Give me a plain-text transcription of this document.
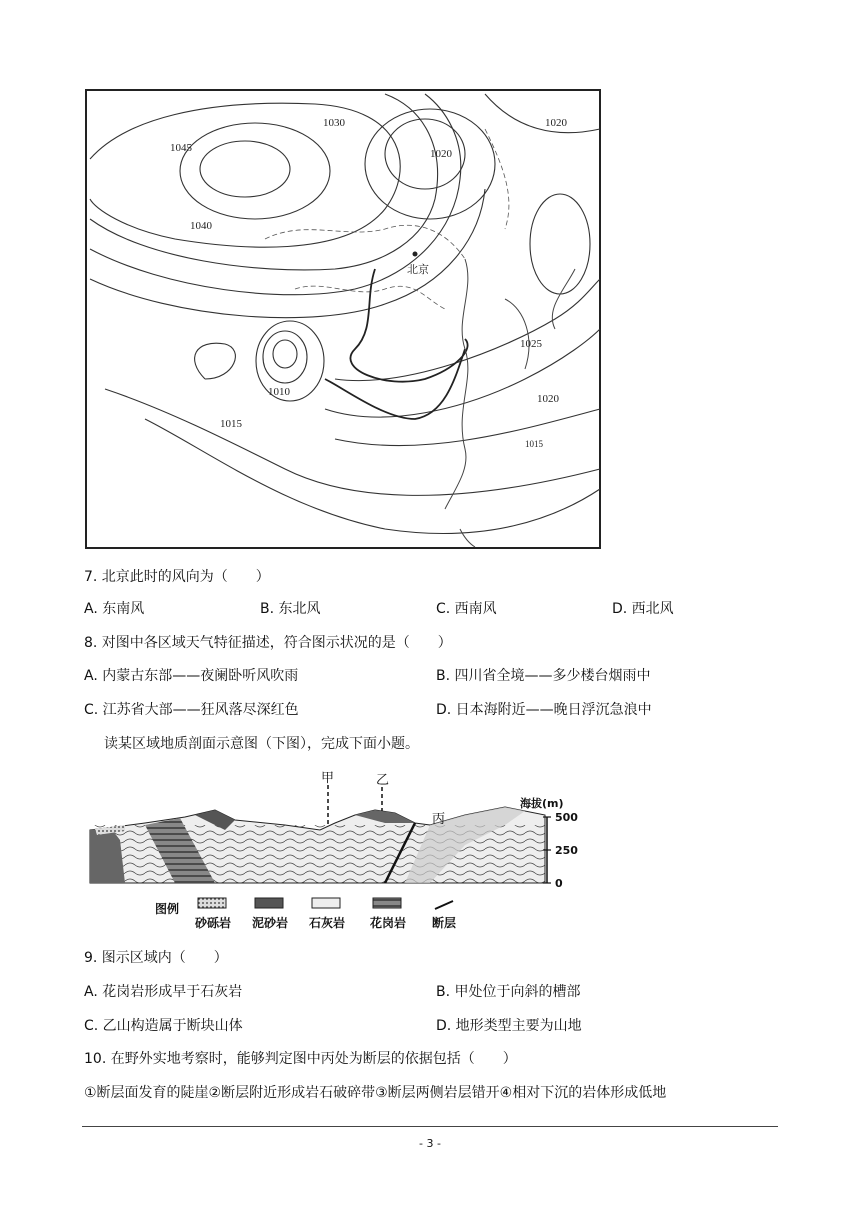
1045
1040
1030
1020
1020
1025
1020
1015
1010
1015
北京
7. 北京此时的风向为（　　）
A. 东南风	B. 东北风	C. 西南风	D. 西北风
8. 对图中各区域天气特征描述，符合图示状况的是（　　）
A. 内蒙古东部——夜阑卧听风吹雨	B. 四川省全境——多少楼台烟雨中
C. 江苏省大部——狂风落尽深红色	D. 日本海附近——晚日浮沉急浪中
读某区域地质剖面示意图（下图），完成下面小题。
甲	乙
丙
海拔(m)
500
250
0
图例
砂砾岩 泥砂岩 石灰岩 花岗岩 断层
9. 图示区域内（　　）
A. 花岗岩形成早于石灰岩	B. 甲处位于向斜的槽部
C. 乙山构造属于断块山体	D. 地形类型主要为山地
10. 在野外实地考察时，能够判定图中丙处为断层的依据包括（　　）
①断层面发育的陡崖②断层附近形成岩石破碎带③断层两侧岩层错开④相对下沉的岩体形成低地
- 3 -
